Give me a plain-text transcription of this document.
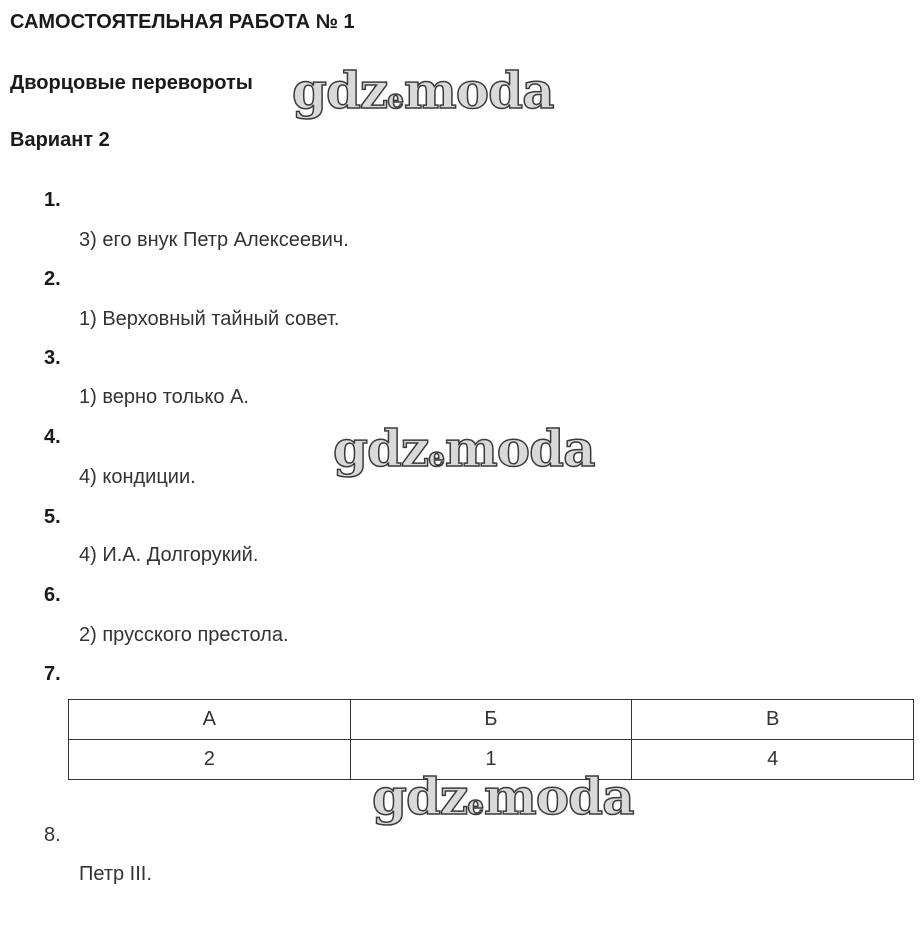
САМОСТОЯТЕЛЬНАЯ РАБОТА № 1
Дворцовые перевороты
Вариант 2
1.
3) его внук Петр Алексеевич.
2.
1) Верховный тайный совет.
3.
1) верно только А.
4.
4) кондиции.
5.
4) И.А. Долгорукий.
6.
2) прусского престола.
7.
А	Б	В
2	1	4
8.
Петр III.
gdzemoda
gdzemoda
gdzemoda
